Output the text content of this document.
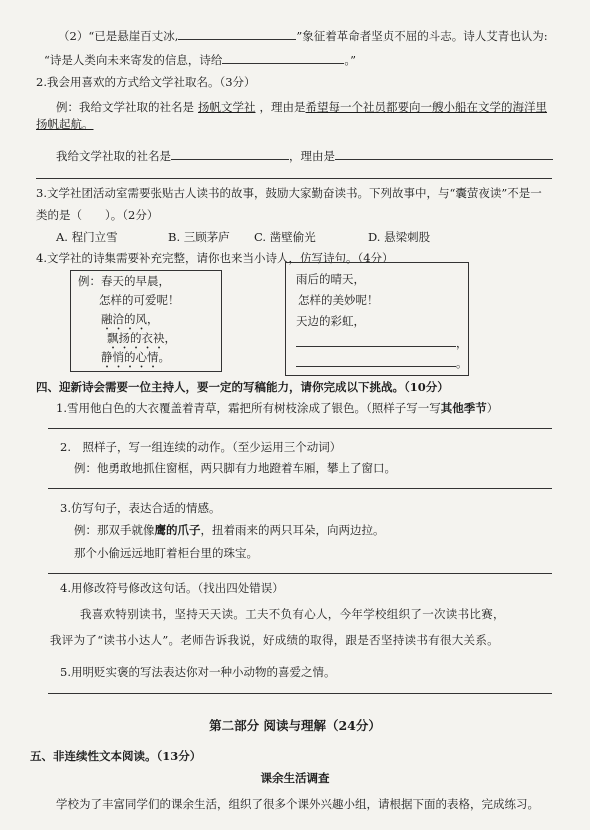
（2）“已是悬崖百丈冰,	”象征着革命者坚贞不屈的斗志。诗人艾青也认为:
“诗是人类向未来寄发的信息，诗给	。”
2.我会用喜欢的方式给文学社取名。（3分）
例：我给文学社取的社名是 扬帆文学社 ，理由是希望每一个社员都要向一艘小船在文学的海洋里
扬帆起航。
我给文学社取的社名是	，理由是
3.文学社团活动室需要张贴古人读书的故事，鼓励大家勤奋读书。下列故事中，与“囊萤夜读”不是一
类的是（　　）。（2分）
A. 程门立雪	B. 三顾茅庐 C. 凿壁偷光	D. 悬梁刺股
4.文学社的诗集需要补充完整，请你也来当小诗人，仿写诗句。（4分）
例：春天的早晨，
怎样的可爱呢！
融洽的风，
飘扬的衣袂，
静悄的心情。
雨后的晴天，
怎样的美妙呢！
天边的彩虹，
，
。
四、迎新诗会需要一位主持人，要一定的写稿能力，请你完成以下挑战。（10分）
1.雪用他白色的大衣覆盖着青草，霜把所有树枝涂成了银色。（照样子写一写其他季节）
2.　照样子，写一组连续的动作。（至少运用三个动词）
例：他勇敢地抓住窗框，两只脚有力地蹬着车厢，攀上了窗口。
3.仿写句子，表达合适的情感。
例：那双手就像鹰的爪子，扭着雨来的两只耳朵，向两边拉。
那个小偷远远地盯着柜台里的珠宝。
4.用修改符号修改这句话。（找出四处错误）
我喜欢特别读书，坚持天天读。工夫不负有心人，今年学校组织了一次读书比赛，
我评为了“读书小达人”。老师告诉我说，好成绩的取得，跟是否坚持读书有很大关系。
5.用明贬实褒的写法表达你对一种小动物的喜爱之情。
第二部分 阅读与理解（24分）
五、非连续性文本阅读。（13分）
课余生活调查
学校为了丰富同学们的课余生活，组织了很多个课外兴趣小组，请根据下面的表格，完成练习。
